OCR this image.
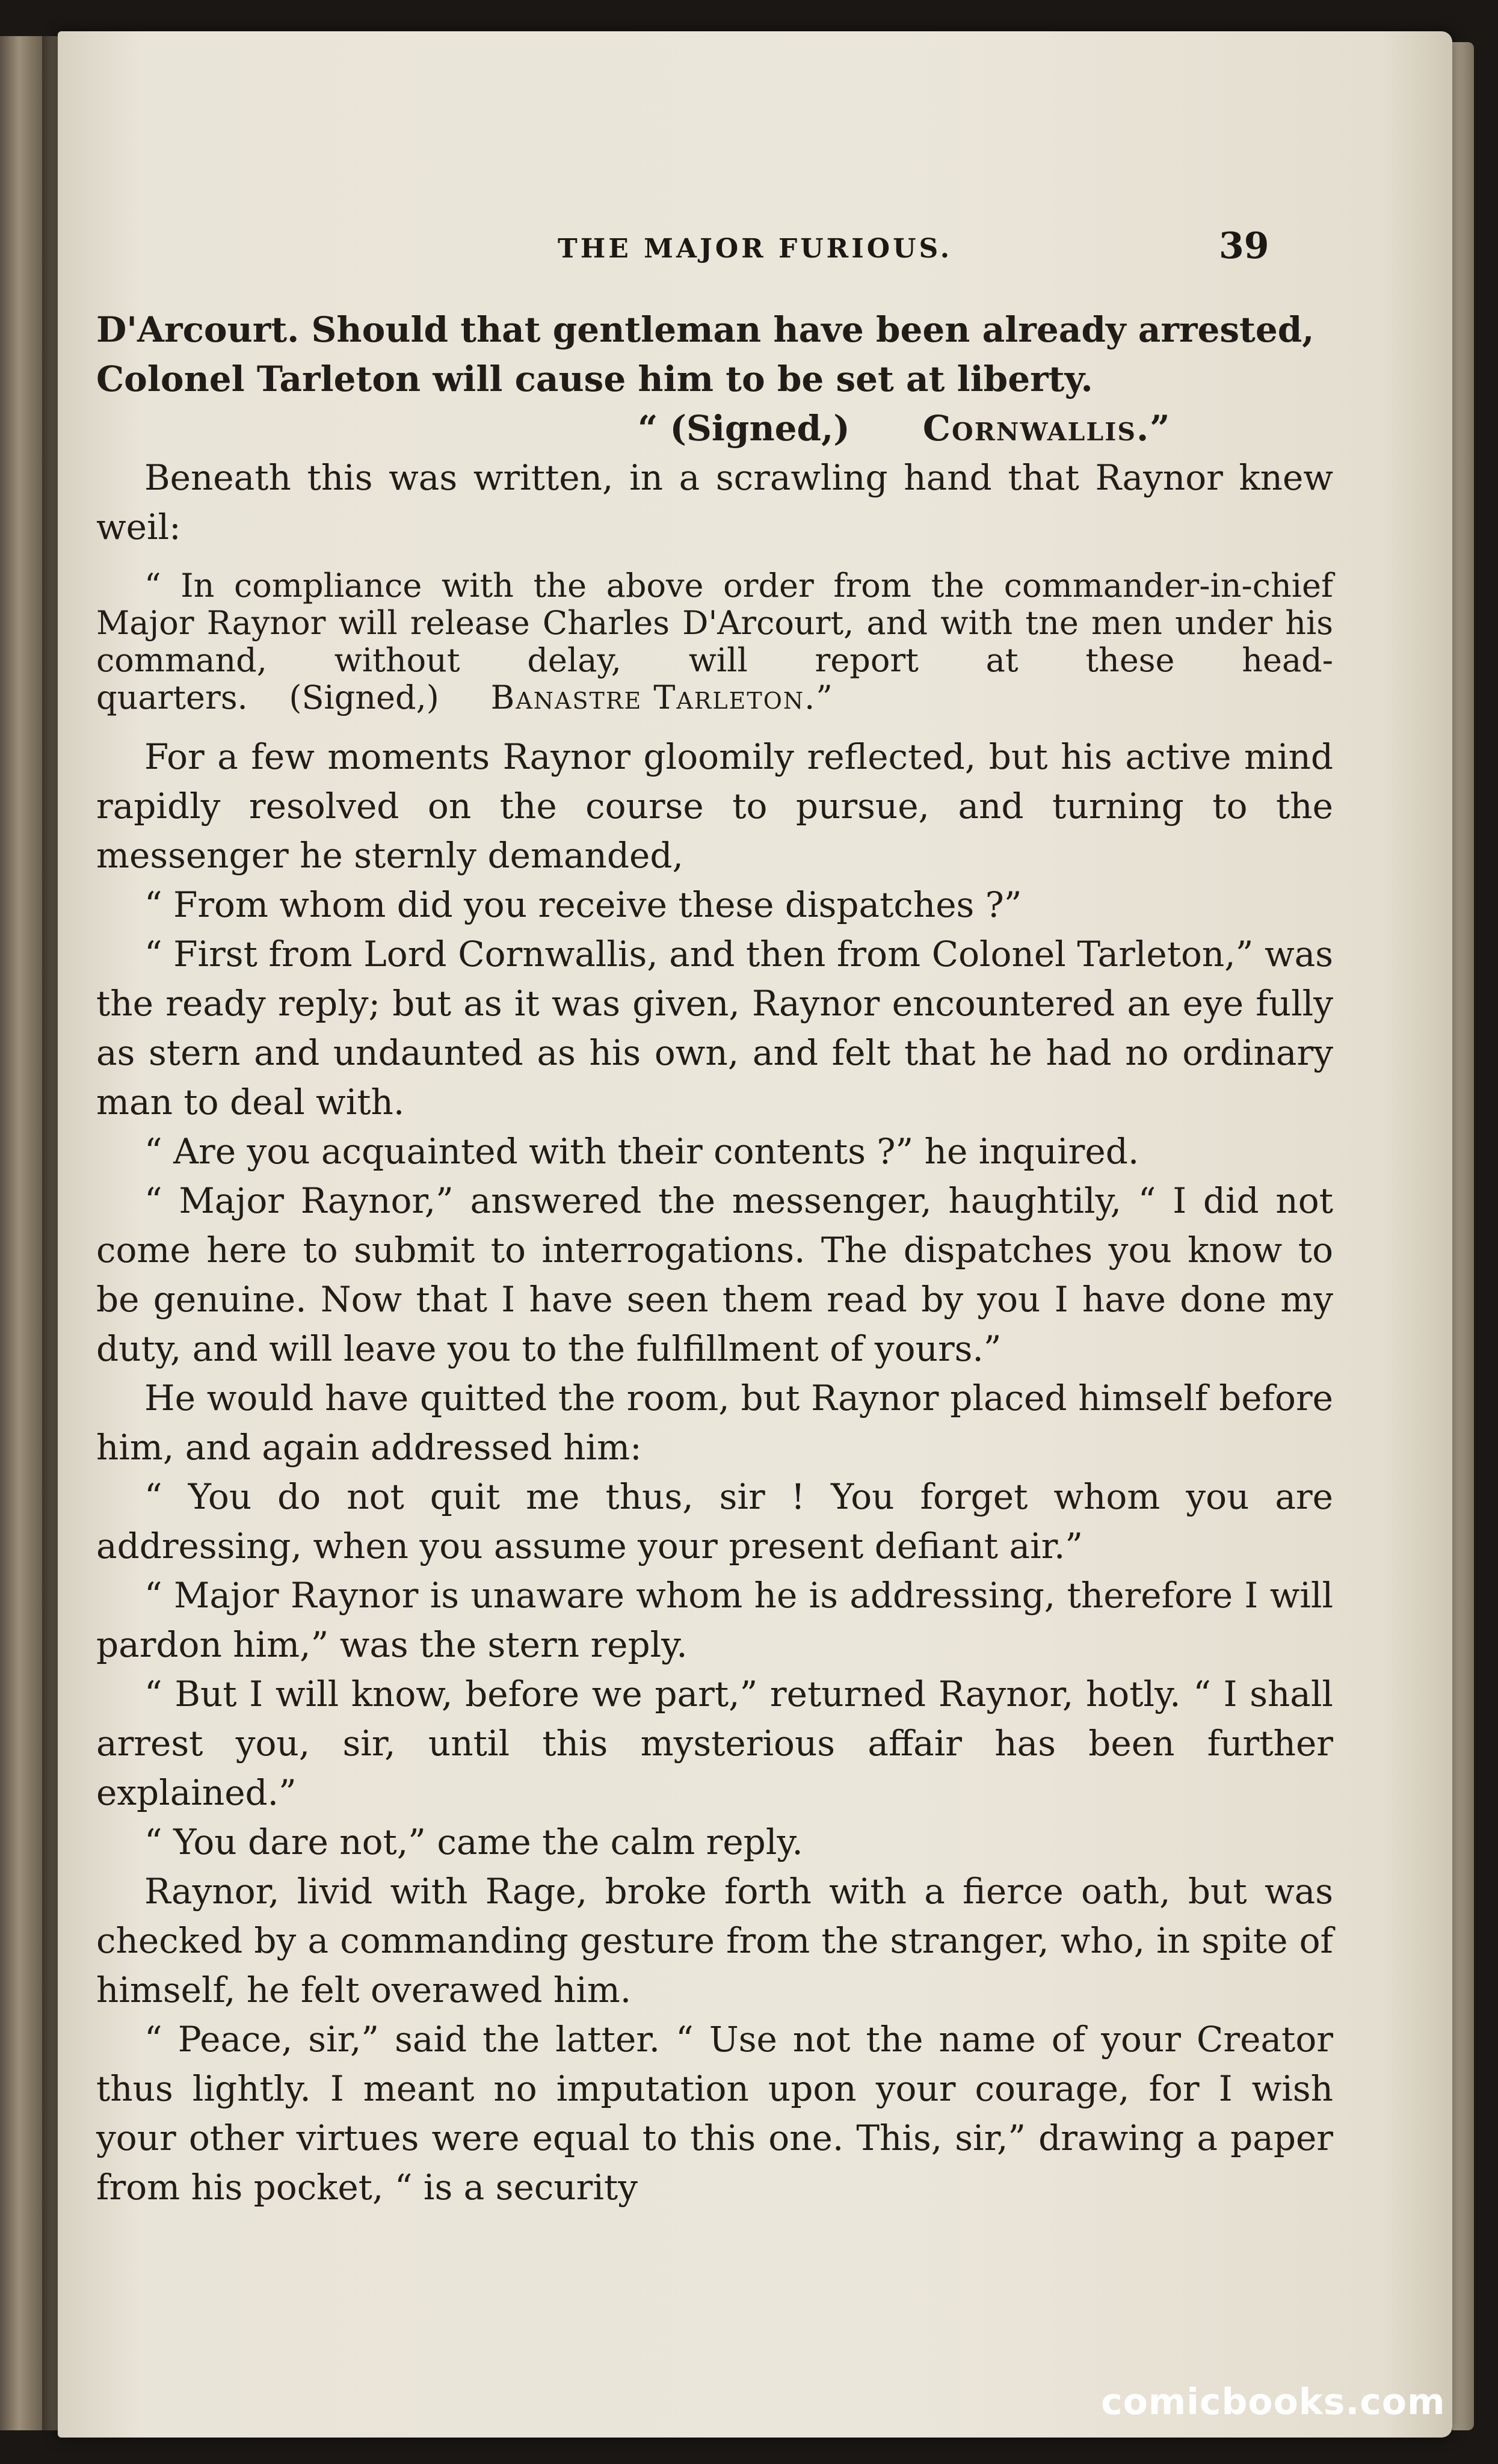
THE MAJOR FURIOUS.	39

D'Arcourt. Should that gentleman have been already arrested,

Colonel Tarleton will cause him to be set at liberty.

“ (Signed,) Cornwallis.”

Beneath this was written, in a scrawling hand that Raynor knew weil:

“ In compliance with the above order from the commander-in-chief Major Raynor will release Charles D'Arcourt, and with tne men under his command, without delay, will report at these head-quarters. (Signed,) Banastre Tarleton.”

For a few moments Raynor gloomily reflected, but his active mind rapidly resolved on the course to pursue, and turning to the messenger he sternly demanded,

“ From whom did you receive these dispatches ?”

“ First from Lord Cornwallis, and then from Colonel Tarleton,” was the ready reply; but as it was given, Raynor encountered an eye fully as stern and undaunted as his own, and felt that he had no ordinary man to deal with.

“ Are you acquainted with their contents ?” he inquired.

“ Major Raynor,” answered the messenger, haughtily, “ I did not come here to submit to interrogations. The dispatches you know to be genuine. Now that I have seen them read by you I have done my duty, and will leave you to the fulfillment of yours.”

He would have quitted the room, but Raynor placed himself before him, and again addressed him:

“ You do not quit me thus, sir ! You forget whom you are addressing, when you assume your present defiant air.”

“ Major Raynor is unaware whom he is addressing, therefore I will pardon him,” was the stern reply.

“ But I will know, before we part,” returned Raynor, hotly. “ I shall arrest you, sir, until this mysterious affair has been further explained.”

“ You dare not,” came the calm reply.

Raynor, livid with Rage, broke forth with a fierce oath, but was checked by a commanding gesture from the stranger, who, in spite of himself, he felt overawed him.

“ Peace, sir,” said the latter. “ Use not the name of your Creator thus lightly. I meant no imputation upon your courage, for I wish your other virtues were equal to this one. This, sir,” drawing a paper from his pocket, “ is a security

comicbooks.com
